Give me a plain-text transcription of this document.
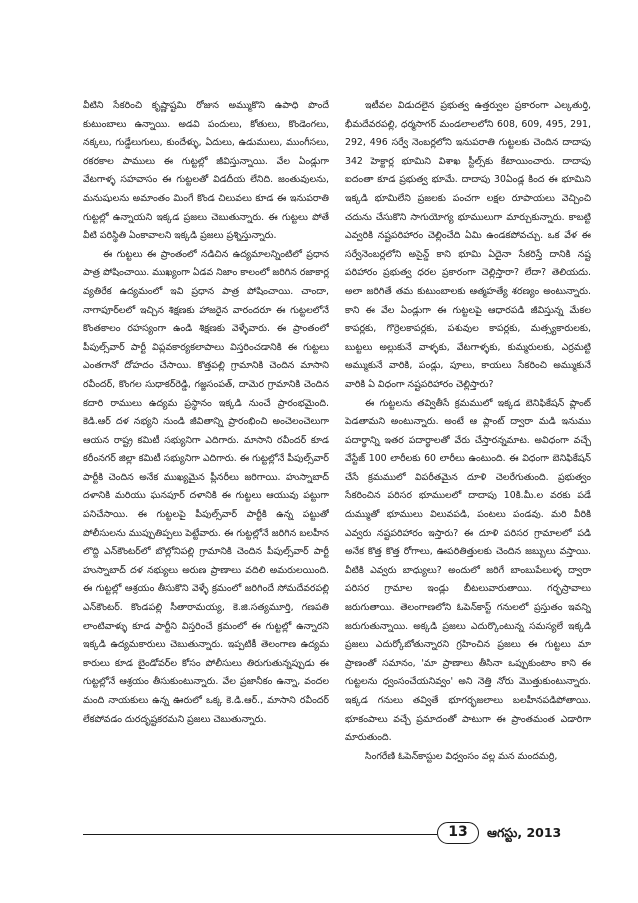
వీటిని సేకరించి కృష్ణాష్టమి రోజున అమ్ముకొని ఉపాధి పొందే కుటుంబాలు ఉన్నాయి. అడవి పందులు, కోతులు, కొండెంగలు, నక్కలు, గుడ్డేలుగులు, కుందేళ్ళు, ఏదులు, ఉడుములు, ముంగీసలు, రకరకాల పాములు ఈ గుట్టల్లో జీవిస్తున్నాయి. వేల ఏండ్లుగా వేటగాళ్ళ సహవాసం ఈ గుట్టలతో విడదీయ లేనిది. జంతువులను, మనుషులను అమాంతం మింగే కొండ చిలువలు కూడ ఈ ఇనుపరాతి గుట్టల్లో ఉన్నాయని ఇక్కడ ప్రజలు చెబుతున్నారు. ఈ గుట్టలు పోతే వీటి పరిస్థితి ఏంకావాలని ఇక్కడి ప్రజలు ప్రశ్నిస్తున్నారు.

ఈ గుట్టలు ఈ ప్రాంతంలో నడిచిన ఉద్యమాలన్నింటిలో ప్రధాన పాత్ర పోషించాయి. ముఖ్యంగా ఏడవ నిజాం కాలంలో జరిగిన రజాకార్ల వ్యతిరేక ఉద్యమంలో ఇవి ప్రధాన పాత్ర పోషించాయి. చాందా, నాగాపూర్‌లలో ఇచ్చిన శిక్షణకు హాజరైన వారందరూ ఈ గుట్టలలోనే కొంతకాలం రహస్యంగా ఉండి శిక్షణకు వెళ్ళేవారు. ఈ ప్రాంతంలో పీపుల్స్‌వార్ పార్టీ విప్లవకార్యకలాపాలు విస్తరించడానికి ఈ గుట్టలు ఎంతగానో దోహదం చేసాయి. కొత్తపల్లి గ్రామానికి చెందిన మాసాని రవీందర్, కొంగల సుధాకర్‌రెడ్డి, గజ్జసంపత్, దామెర గ్రామానికి చెందిన కదారి రాములు ఉద్యమ ప్రస్థానం ఇక్కడి నుంచే ప్రారంభమైంది. కెడి.ఆర్ దళ నభ్యని నుండి జీవితాన్ని ప్రారంభించి అంచెలంచెలుగా ఆయన రాష్ట్ర కమిటీ సభ్యునిగా ఎదిగారు. మాసాని రవీందర్ కూడ కరీంనగర్ జిల్లా కమిటీ సభ్యునిగా ఎదిగారు. ఈ గుట్టల్లోనే పీపుల్స్‌వార్ పార్టీకి చెందిన అనేక ముఖ్యమైన ప్లీనరీలు జరిగాయి. హుస్నాబాద్ దళానికి మరియు ఘనపూర్ దళానికి ఈ గుట్టలు ఆయువు పట్టుగా పనిచేసాయి. ఈ గుట్టలపై పీపుల్స్‌వార్ పార్టీకి ఉన్న పట్టుతో పోలీసులను ముప్పుతిప్పలు పెట్టేవారు. ఈ గుట్టల్లోనే జరిగిన బలహీన లొద్ది ఎన్‌కౌంటర్‌లో బొల్లోనిపల్లి గ్రామానికి చెందిన పీపుల్స్‌వార్ పార్టీ హుస్నాబాద్ దళ నభ్యులు అరుణ ప్రాణాలు వదిలి అమరులయింది. ఈ గుట్టల్లో ఆశ్రయం తీసుకొని వెళ్ళే క్రమంలో జరిగిందే సోమదేవరపల్లి ఎన్‌కౌంటర్. కొండపల్లి సీతారామయ్య, కె.జి.సత్యమూర్తి, గణపతి లాంటివాళ్ళు కూడ పార్టీని విస్తరించే క్రమంలో ఈ గుట్టల్లో ఉన్నారని ఇక్కడి ఉద్యమకారులు చెబుతున్నారు. ఇప్పటికీ తెలంగాణ ఉద్యమ కారులు కూడ బైండోవర్‌ల కోసం పోలీసులు తిరుగుతున్నప్పుడు ఈ గుట్టల్లోనే ఆశ్రయం తీసుకుంటున్నారు. వేల ప్రజానీకం ఉన్నా, వందల మంది నాయకులు ఉన్న ఊరులో ఒక్క కె.డి.ఆర్., మాసాని రవీందర్ లేకపోవడం దురదృష్టకరమని ప్రజలు చెబుతున్నారు.

ఇటీవల విడుదలైన ప్రభుత్వ ఉత్తర్వుల ప్రకారంగా ఎల్కతుర్తి, భీమదేవరపల్లి, ధర్మసాగర్ మండలాలలోని 608, 609, 495, 291, 292, 496 సర్వే నెంబర్లలోని ఇనుపరాతి గుట్టలకు చెందిన దాదాపు 342 హెక్టార్ల భూమిని విశాఖ స్టీల్స్‌కు కేటాయించారు. దాదాపు ఐదంతా కూడ ప్రభుత్వ భూమే. దాదాపు 30ఏండ్ల కింద ఈ భూమిని ఇక్కడి భూమిలేని ప్రజలకు పంచగా లక్షల రూపాయలు వెచ్చించి చదును చేసుకొని సాగుయోగ్య భూములుగా మార్చుకున్నారు. కాబట్టి ఎవ్వరికి నష్టపరిహారం చెల్లించేది ఏమి ఉండకపోవచ్చు. ఒక వేళ ఈ సర్వేనెంబర్లలోని అసైన్డ్ కాని భూమి ఏదైనా సేకరిస్తే దానికి నష్ట పరిహారం ప్రభుత్వ ధరల ప్రకారంగా చెల్లిస్తారా? లేదా? తెలియదు. అలా జరిగితే తమ కుటుంబాలకు ఆత్మహత్యే శరణ్యం అంటున్నారు. కాని ఈ వేల ఏండ్లుగా ఈ గుట్టలపై ఆధారపడి జీవిస్తున్న మేకల కాపర్లకు, గొర్రెలకాపర్లకు, పశువుల కాపర్లకు, మత్స్యకారులకు, బుట్టలు అల్లుకునే వాళ్ళకు, వేటగాళ్ళకు, కుమ్మరులకు, ఎర్రమట్టి అమ్ముకునే వారికి, పండ్లు, పూలు, కాయలు సేకరించి అమ్ముకునే వారికి ఏ విధంగా నష్టపరిహారం చెల్లిస్తారు?

ఈ గుట్టలను తవ్వితీసే క్రమములో ఇక్కడ బెనిఫికేషన్ ప్లాంట్ పెడతామని అంటున్నారు. అంటే ఆ ప్లాంట్ ద్వారా మడి ఇనుము పదార్థాన్ని ఇతర పదార్థాలతో వేరు చేస్తారన్నమాట. అవిధంగా వచ్చే వేస్టేజ్ 100 లారీలకు 60 లారీలు ఉంటుంది. ఈ విధంగా బెనిఫికేషన్ చేసే క్రమములో విపరీతమైన దూళి చెలరేగుతుంది. ప్రభుత్వం సేకరించిన పరిసర భూములలో దాదాపు 10కి.మీ.ల వరకు పడే దుమ్ముతో భూములు విలువపడి, పంటలు పండవు. మరి వీరికి ఎవ్వరు నష్టపరిహారం ఇస్తారు? ఈ దూళి పరిసర గ్రామాలలో పడి అనేక కొత్త కొత్త రోగాలు, ఊపరితిత్తులకు చెందిన జబ్బులు వస్తాయి. వీటికి ఎవ్వరు బాధ్యులు? అందులో జరిగే బాంబుపేలుళ్ళ ద్వారా పరిసర గ్రామాల ఇండ్లు బీటలువారుతాయి. గర్భస్రావాలు జరుగుతాయి. తెలంగాణలోని ఓపెన్‌కాస్ట్ గనులలో ప్రస్తుతం ఇవన్ని జరుగుతున్నాయి. అక్కడి ప్రజలు ఎదుర్కొంటున్న సమస్యలే ఇక్కడి ప్రజలు ఎదుర్కోబోతున్నారని గ్రహించిన ప్రజలు ఈ గుట్టలు మా ప్రాణంతో సమానం, 'మా ప్రాణాలు తీసినా ఒప్పుకుంటాం కాని ఈ గుట్టలను ధ్వంసంచేయనివ్వం' అని నెత్తి నోరు మొత్తుకుంటున్నారు. ఇక్కడ గనులు తవ్వితే భూగర్భజలాలు బలహీనపడిపోతాయి. భూకంపాలు వచ్చే ప్రమాదంతో పాటుగా ఈ ప్రాంతమంత ఎడారిగా మారుతుంది.

సింగరేణి ఓపెన్‌కాస్టుల విధ్వంసం వల్ల మన మందమర్రి,

13	ఆగస్టు, 2013
